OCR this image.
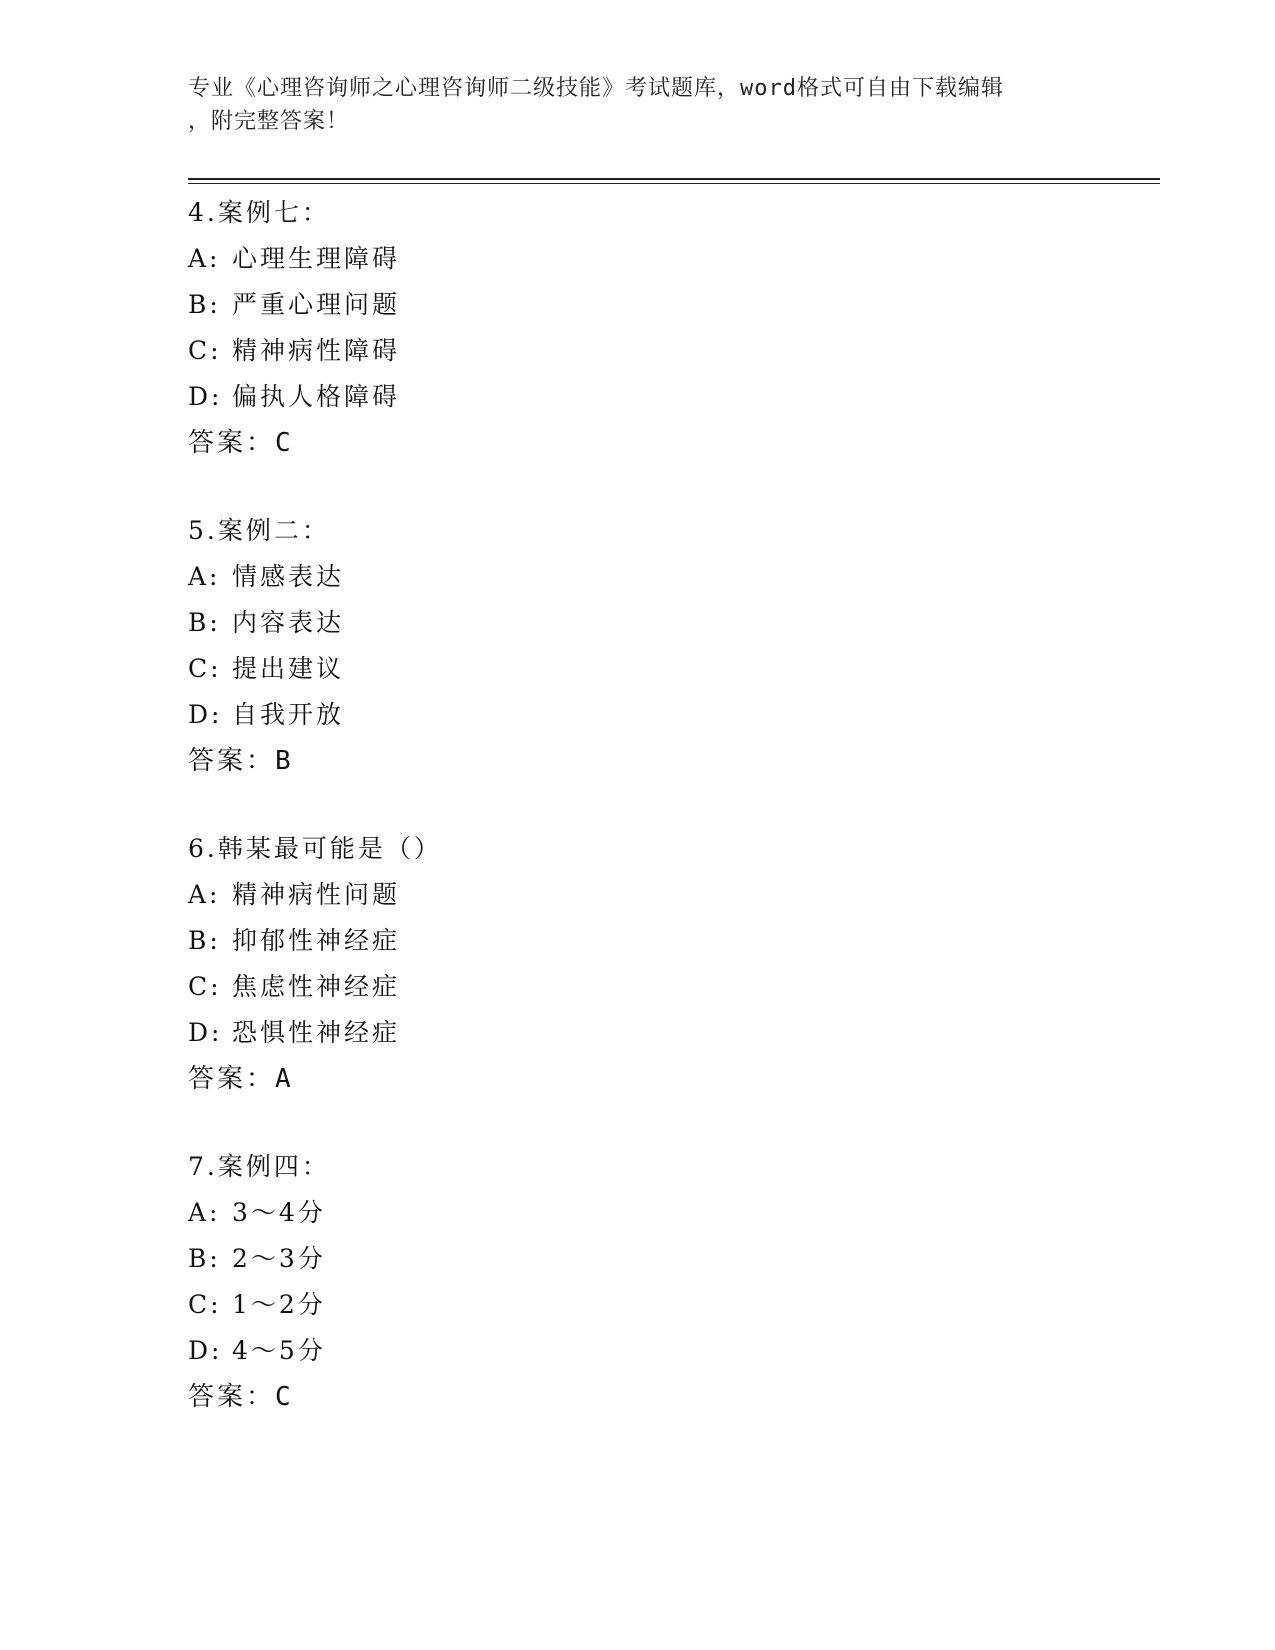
专业《心理咨询师之心理咨询师二级技能》考试题库，word格式可自由下载编辑
，附完整答案！
4.案例七：
A: 心理生理障碍
B: 严重心理问题
C: 精神病性障碍
D: 偏执人格障碍
答案：C
5.案例二：
A: 情感表达
B: 内容表达
C: 提出建议
D: 自我开放
答案：B
6.韩某最可能是（）
A: 精神病性问题
B: 抑郁性神经症
C: 焦虑性神经症
D: 恐惧性神经症
答案：A
7.案例四：
A: 3～4分
B: 2～3分
C: 1～2分
D: 4～5分
答案：C
